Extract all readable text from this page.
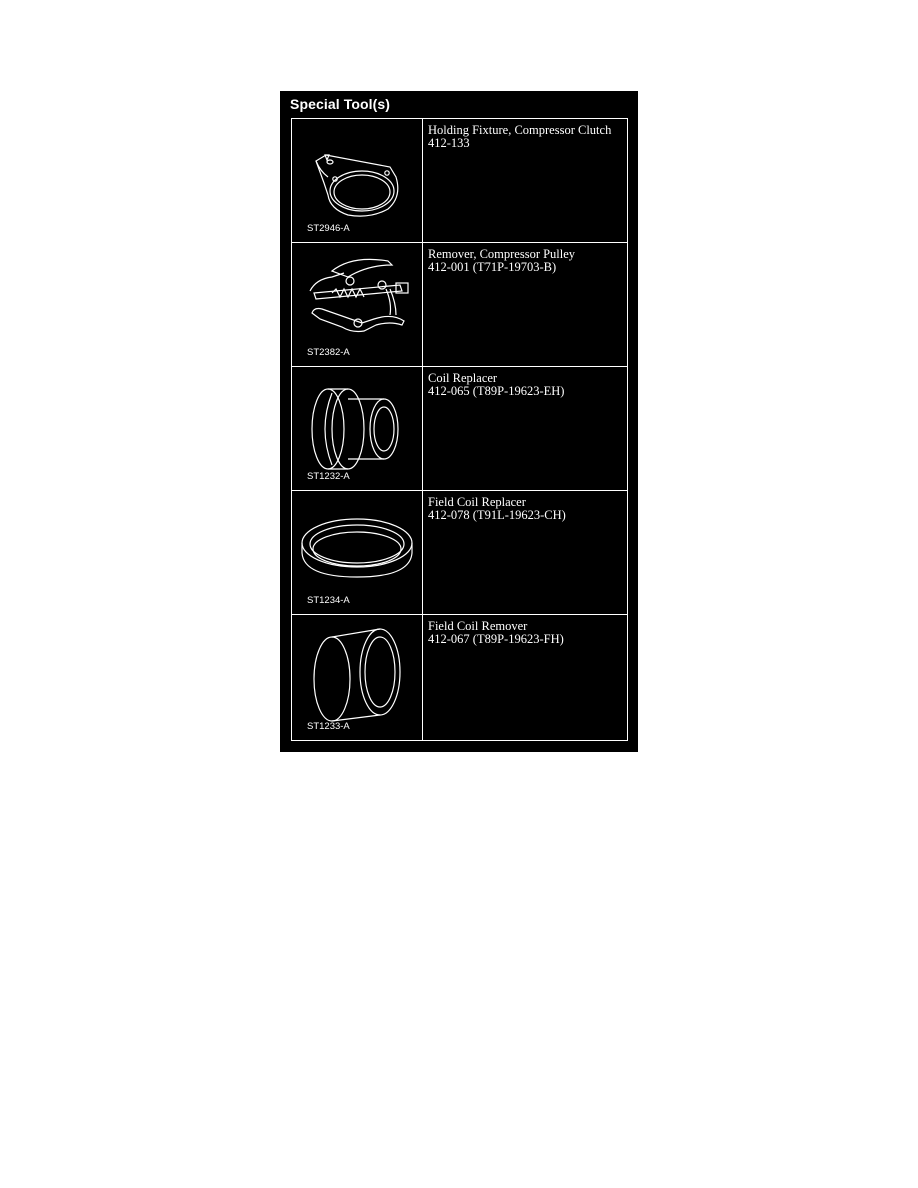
Special Tool(s)
ST2946-A
Holding Fixture, Compressor Clutch
412-133
ST2382-A
Remover, Compressor Pulley
412-001 (T71P-19703-B)
ST1232-A
Coil Replacer
412-065 (T89P-19623-EH)
ST1234-A
Field Coil Replacer
412-078 (T91L-19623-CH)
ST1233-A
Field Coil Remover
412-067 (T89P-19623-FH)
